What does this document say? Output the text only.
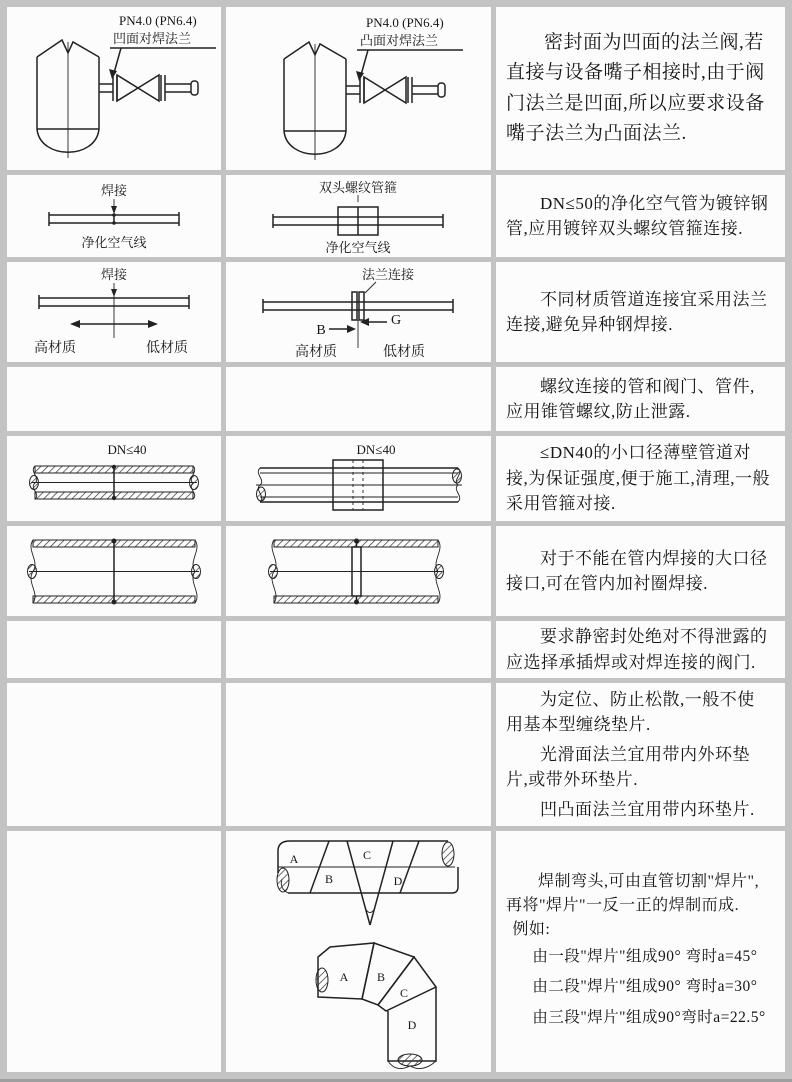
PN4.0 (PN6.4)
凹面对焊法兰
PN4.0 (PN6.4)
凸面对焊法兰	密封面为凹面的法兰阀,若直接与设备嘴子相接时,由于阀门法兰是凹面,所以应要求设备嘴子法兰为凸面法兰.

焊接
净化空气线
双头螺纹管箍
净化空气线

DN≤50的净化空气管为镀锌钢管,应用镀锌双头螺纹管箍连接.

焊接
高材质	低材质
法兰连接
B
G
高材质	低材质

不同材质管道连接宜采用法兰连接,避免异种钢焊接.

螺纹连接的管和阀门、管件,应用锥管螺纹,防止泄露.

DN≤40	DN≤40	≤DN40的小口径薄壁管道对接,为保证强度,便于施工,清理,一般采用管箍对接.

对于不能在管内焊接的大口径接口,可在管内加衬圈焊接.

要求静密封处绝对不得泄露的应选择承插焊或对焊连接的阀门.

为定位、防止松散,一般不使用基本型缠绕垫片.

光滑面法兰宜用带内外环垫片,或带外环垫片.

凹凸面法兰宜用带内环垫片.

A
B
C
D
A B
C
D

焊制弯头,可由直管切割"焊片",再将"焊片"一反一正的焊制而成.

例如:

由一段"焊片"组成90° 弯时a=45°

由二段"焊片"组成90° 弯时a=30°

由三段"焊片"组成90°弯时a=22.5°
